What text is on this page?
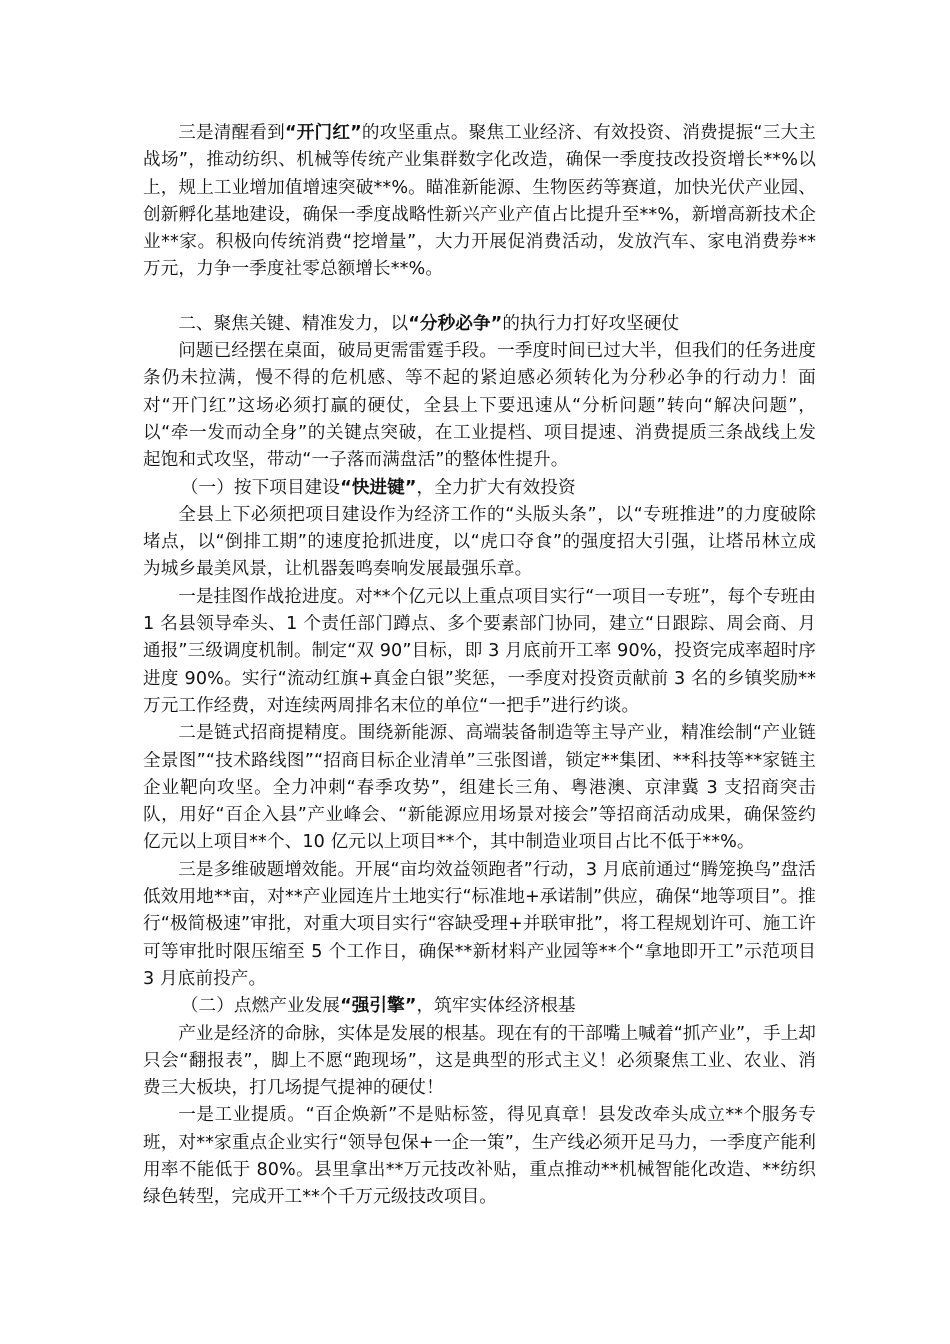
三是清醒看到“开门红”的攻坚重点。聚焦工业经济、有效投资、消费提振“三大主战场”，推动纺织、机械等传统产业集群数字化改造，确保一季度技改投资增长**%以上，规上工业增加值增速突破**%。瞄准新能源、生物医药等赛道，加快光伏产业园、创新孵化基地建设，确保一季度战略性新兴产业产值占比提升至**%，新增高新技术企业**家。积极向传统消费“挖增量”，大力开展促消费活动，发放汽车、家电消费券**万元，力争一季度社零总额增长**%。

二、聚焦关键、精准发力，以“分秒必争”的执行力打好攻坚硬仗

问题已经摆在桌面，破局更需雷霆手段。一季度时间已过大半，但我们的任务进度条仍未拉满，慢不得的危机感、等不起的紧迫感必须转化为分秒必争的行动力！面对“开门红”这场必须打赢的硬仗，全县上下要迅速从“分析问题”转向“解决问题”，以“牵一发而动全身”的关键点突破，在工业提档、项目提速、消费提质三条战线上发起饱和式攻坚，带动“一子落而满盘活”的整体性提升。

（一）按下项目建设“快进键”，全力扩大有效投资

全县上下必须把项目建设作为经济工作的“头版头条”，以“专班推进”的力度破除堵点，以“倒排工期”的速度抢抓进度，以“虎口夺食”的强度招大引强，让塔吊林立成为城乡最美风景，让机器轰鸣奏响发展最强乐章。

一是挂图作战抢进度。对**个亿元以上重点项目实行“一项目一专班”，每个专班由 1 名县领导牵头、1 个责任部门蹲点、多个要素部门协同，建立“日跟踪、周会商、月通报”三级调度机制。制定“双 90”目标，即 3 月底前开工率 90%，投资完成率超时序进度 90%。实行“流动红旗+真金白银”奖惩，一季度对投资贡献前 3 名的乡镇奖励**万元工作经费，对连续两周排名末位的单位“一把手”进行约谈。

二是链式招商提精度。围绕新能源、高端装备制造等主导产业，精准绘制“产业链全景图”“技术路线图”“招商目标企业清单”三张图谱，锁定**集团、**科技等**家链主企业靶向攻坚。全力冲刺“春季攻势”，组建长三角、粤港澳、京津冀 3 支招商突击队，用好“百企入县”产业峰会、“新能源应用场景对接会”等招商活动成果，确保签约亿元以上项目**个、10 亿元以上项目**个，其中制造业项目占比不低于**%。

三是多维破题增效能。开展“亩均效益领跑者”行动，3 月底前通过“腾笼换鸟”盘活低效用地**亩，对**产业园连片土地实行“标准地+承诺制”供应，确保“地等项目”。推行“极简极速”审批，对重大项目实行“容缺受理+并联审批”，将工程规划许可、施工许可等审批时限压缩至 5 个工作日，确保**新材料产业园等**个“拿地即开工”示范项目 3 月底前投产。

（二）点燃产业发展“强引擎”，筑牢实体经济根基

产业是经济的命脉，实体是发展的根基。现在有的干部嘴上喊着“抓产业”，手上却只会“翻报表”，脚上不愿“跑现场”，这是典型的形式主义！必须聚焦工业、农业、消费三大板块，打几场提气提神的硬仗！

一是工业提质。“百企焕新”不是贴标签，得见真章！县发改牵头成立**个服务专班，对**家重点企业实行“领导包保+一企一策”，生产线必须开足马力，一季度产能利用率不能低于 80%。县里拿出**万元技改补贴，重点推动**机械智能化改造、**纺织绿色转型，完成开工**个千万元级技改项目。
